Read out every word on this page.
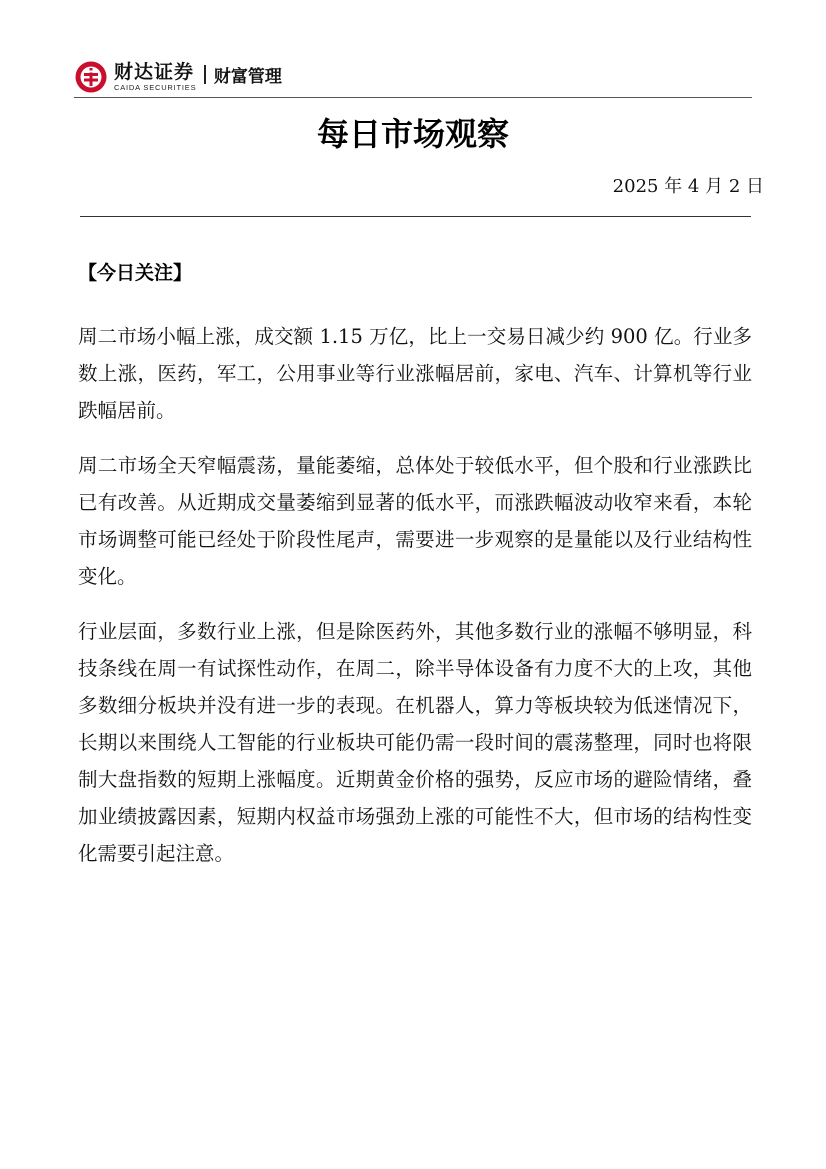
财达证券
CAIDA SECURITIES
财富管理
每日市场观察
2025 年 4 月 2 日
【今日关注】

周二市场小幅上涨，成交额 1.15 万亿，比上一交易日减少约 900 亿。行业多数上涨，医药，军工，公用事业等行业涨幅居前，家电、汽车、计算机等行业跌幅居前。

周二市场全天窄幅震荡，量能萎缩，总体处于较低水平，但个股和行业涨跌比已有改善。从近期成交量萎缩到显著的低水平，而涨跌幅波动收窄来看，本轮市场调整可能已经处于阶段性尾声，需要进一步观察的是量能以及行业结构性变化。

行业层面，多数行业上涨，但是除医药外，其他多数行业的涨幅不够明显，科技条线在周一有试探性动作，在周二，除半导体设备有力度不大的上攻，其他多数细分板块并没有进一步的表现。在机器人，算力等板块较为低迷情况下，长期以来围绕人工智能的行业板块可能仍需一段时间的震荡整理，同时也将限制大盘指数的短期上涨幅度。近期黄金价格的强势，反应市场的避险情绪，叠加业绩披露因素，短期内权益市场强劲上涨的可能性不大，但市场的结构性变化需要引起注意。
